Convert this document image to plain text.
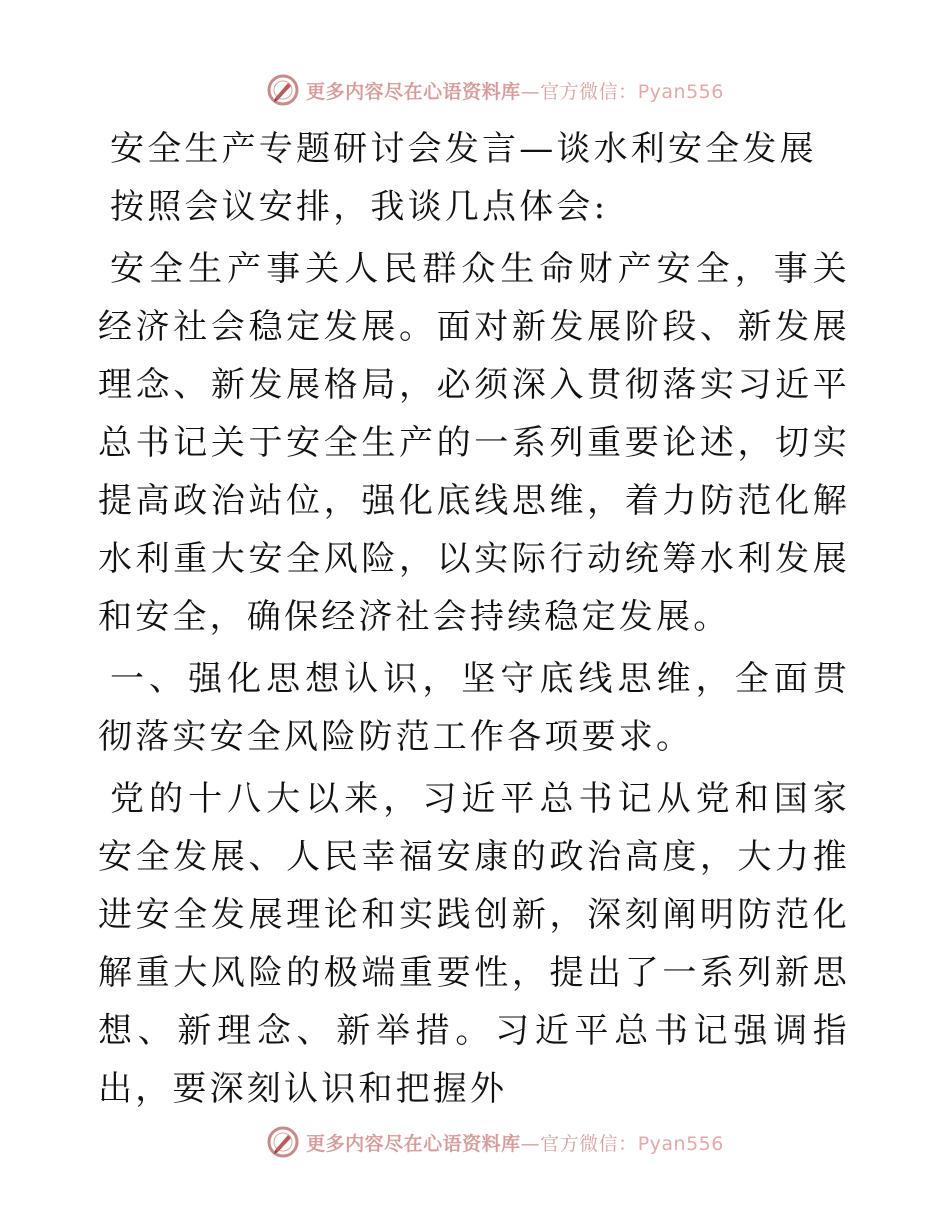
更多内容尽在心语资料库—官方微信：Pyan556

安全生产专题研讨会发言—谈水利安全发展

按照会议安排，我谈几点体会:

安全生产事关人民群众生命财产安全，事关经济社会稳定发展。面对新发展阶段、新发展理念、新发展格局，必须深入贯彻落实习近平总书记关于安全生产的一系列重要论述，切实提高政治站位，强化底线思维，着力防范化解水利重大安全风险，以实际行动统筹水利发展和安全，确保经济社会持续稳定发展。

一、强化思想认识，坚守底线思维，全面贯彻落实安全风险防范工作各项要求。

党的十八大以来，习近平总书记从党和国家安全发展、人民幸福安康的政治高度，大力推进安全发展理论和实践创新，深刻阐明防范化解重大风险的极端重要性，提出了一系列新思想、新理念、新举措。习近平总书记强调指出，要深刻认识和把握外

更多内容尽在心语资料库—官方微信：Pyan556
